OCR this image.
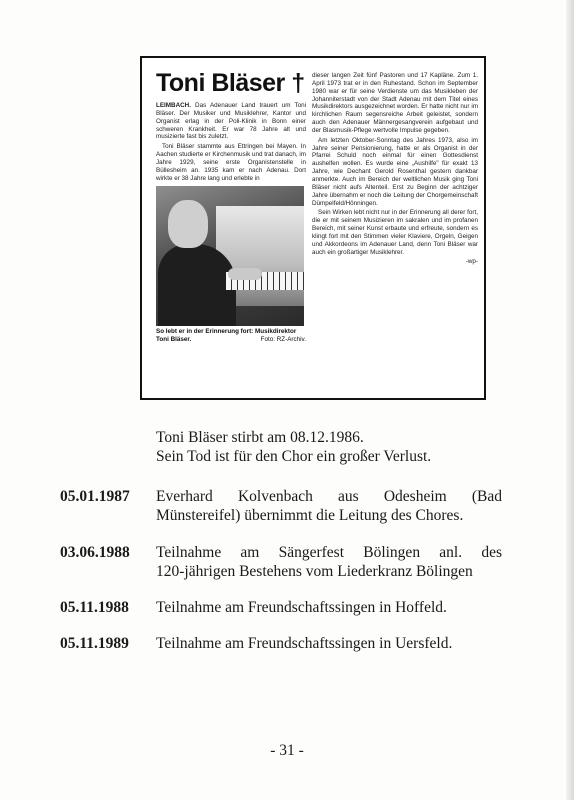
Toni Bläser †

LEIMBACH. Das Adenauer Land trauert um Toni Bläser. Der Musiker und Musiklehrer, Kantor und Organist erlag in der Poli-Klinik in Bonn einer schweren Krankheit. Er war 78 Jahre alt und musizierte fast bis zuletzt.

Toni Bläser stammte aus Ettringen bei Mayen. In Aachen studierte er Kirchenmusik und trat danach, im Jahre 1929, seine erste Organistenstelle in Büllesheim an. 1935 kam er nach Adenau. Dort wirkte er 38 Jahre lang und erlebte in

So lebt er in der Erinnerung fort: Musikdirektor Toni Bläser.	Foto: RZ-Archiv.

dieser langen Zeit fünf Pastoren und 17 Kapläne. Zum 1. April 1973 trat er in den Ruhestand. Schon im September 1980 war er für seine Verdienste um das Musikleben der Johanniterstadt von der Stadt Adenau mit dem Titel eines Musikdirektors ausgezeichnet worden. Er hatte nicht nur im kirchlichen Raum segensreiche Arbeit geleistet, sondern auch den Adenauer Männergesangverein aufgebaut und der Blasmusik-Pflege wertvolle Impulse gegeben.

Am letzten Oktober-Sonntag des Jahres 1973, also im Jahre seiner Pensionierung, hatte er als Organist in der Pfarrei Schuld noch einmal für einen Gottesdienst aushelfen wollen. Es wurde eine „Aushilfe" für exakt 13 Jahre, wie Dechant Gerold Rosenthal gestern dankbar anmerkte. Auch im Bereich der weltlichen Musik ging Toni Bläser nicht aufs Altenteil. Erst zu Beginn der achtziger Jahre übernahm er noch die Leitung der Chorgemeinschaft Dümpelfeld/Hönningen.

Sein Wirken lebt nicht nur in der Erinnerung all derer fort, die er mit seinem Musizieren im sakralen und im profanen Bereich, mit seiner Kunst erbaute und erfreute, sondern es klingt fort mit den Stimmen vieler Klaviere, Orgeln, Geigen und Akkordeons im Adenauer Land, denn Toni Bläser war auch ein großartiger Musiklehrer.

-wp-

Toni Bläser stirbt am 08.12.1986.
Sein Tod ist für den Chor ein großer Verlust.
05.01.1987	Everhard Kolvenbach aus Odesheim (Bad
Münstereifel) übernimmt die Leitung des Chores.
03.06.1988	Teilnahme am Sängerfest Bölingen anl. des
120-jährigen Bestehens vom Liederkranz Bölingen
05.11.1988	Teilnahme am Freundschaftssingen in Hoffeld.
05.11.1989	Teilnahme am Freundschaftssingen in Uersfeld.
- 31 -
